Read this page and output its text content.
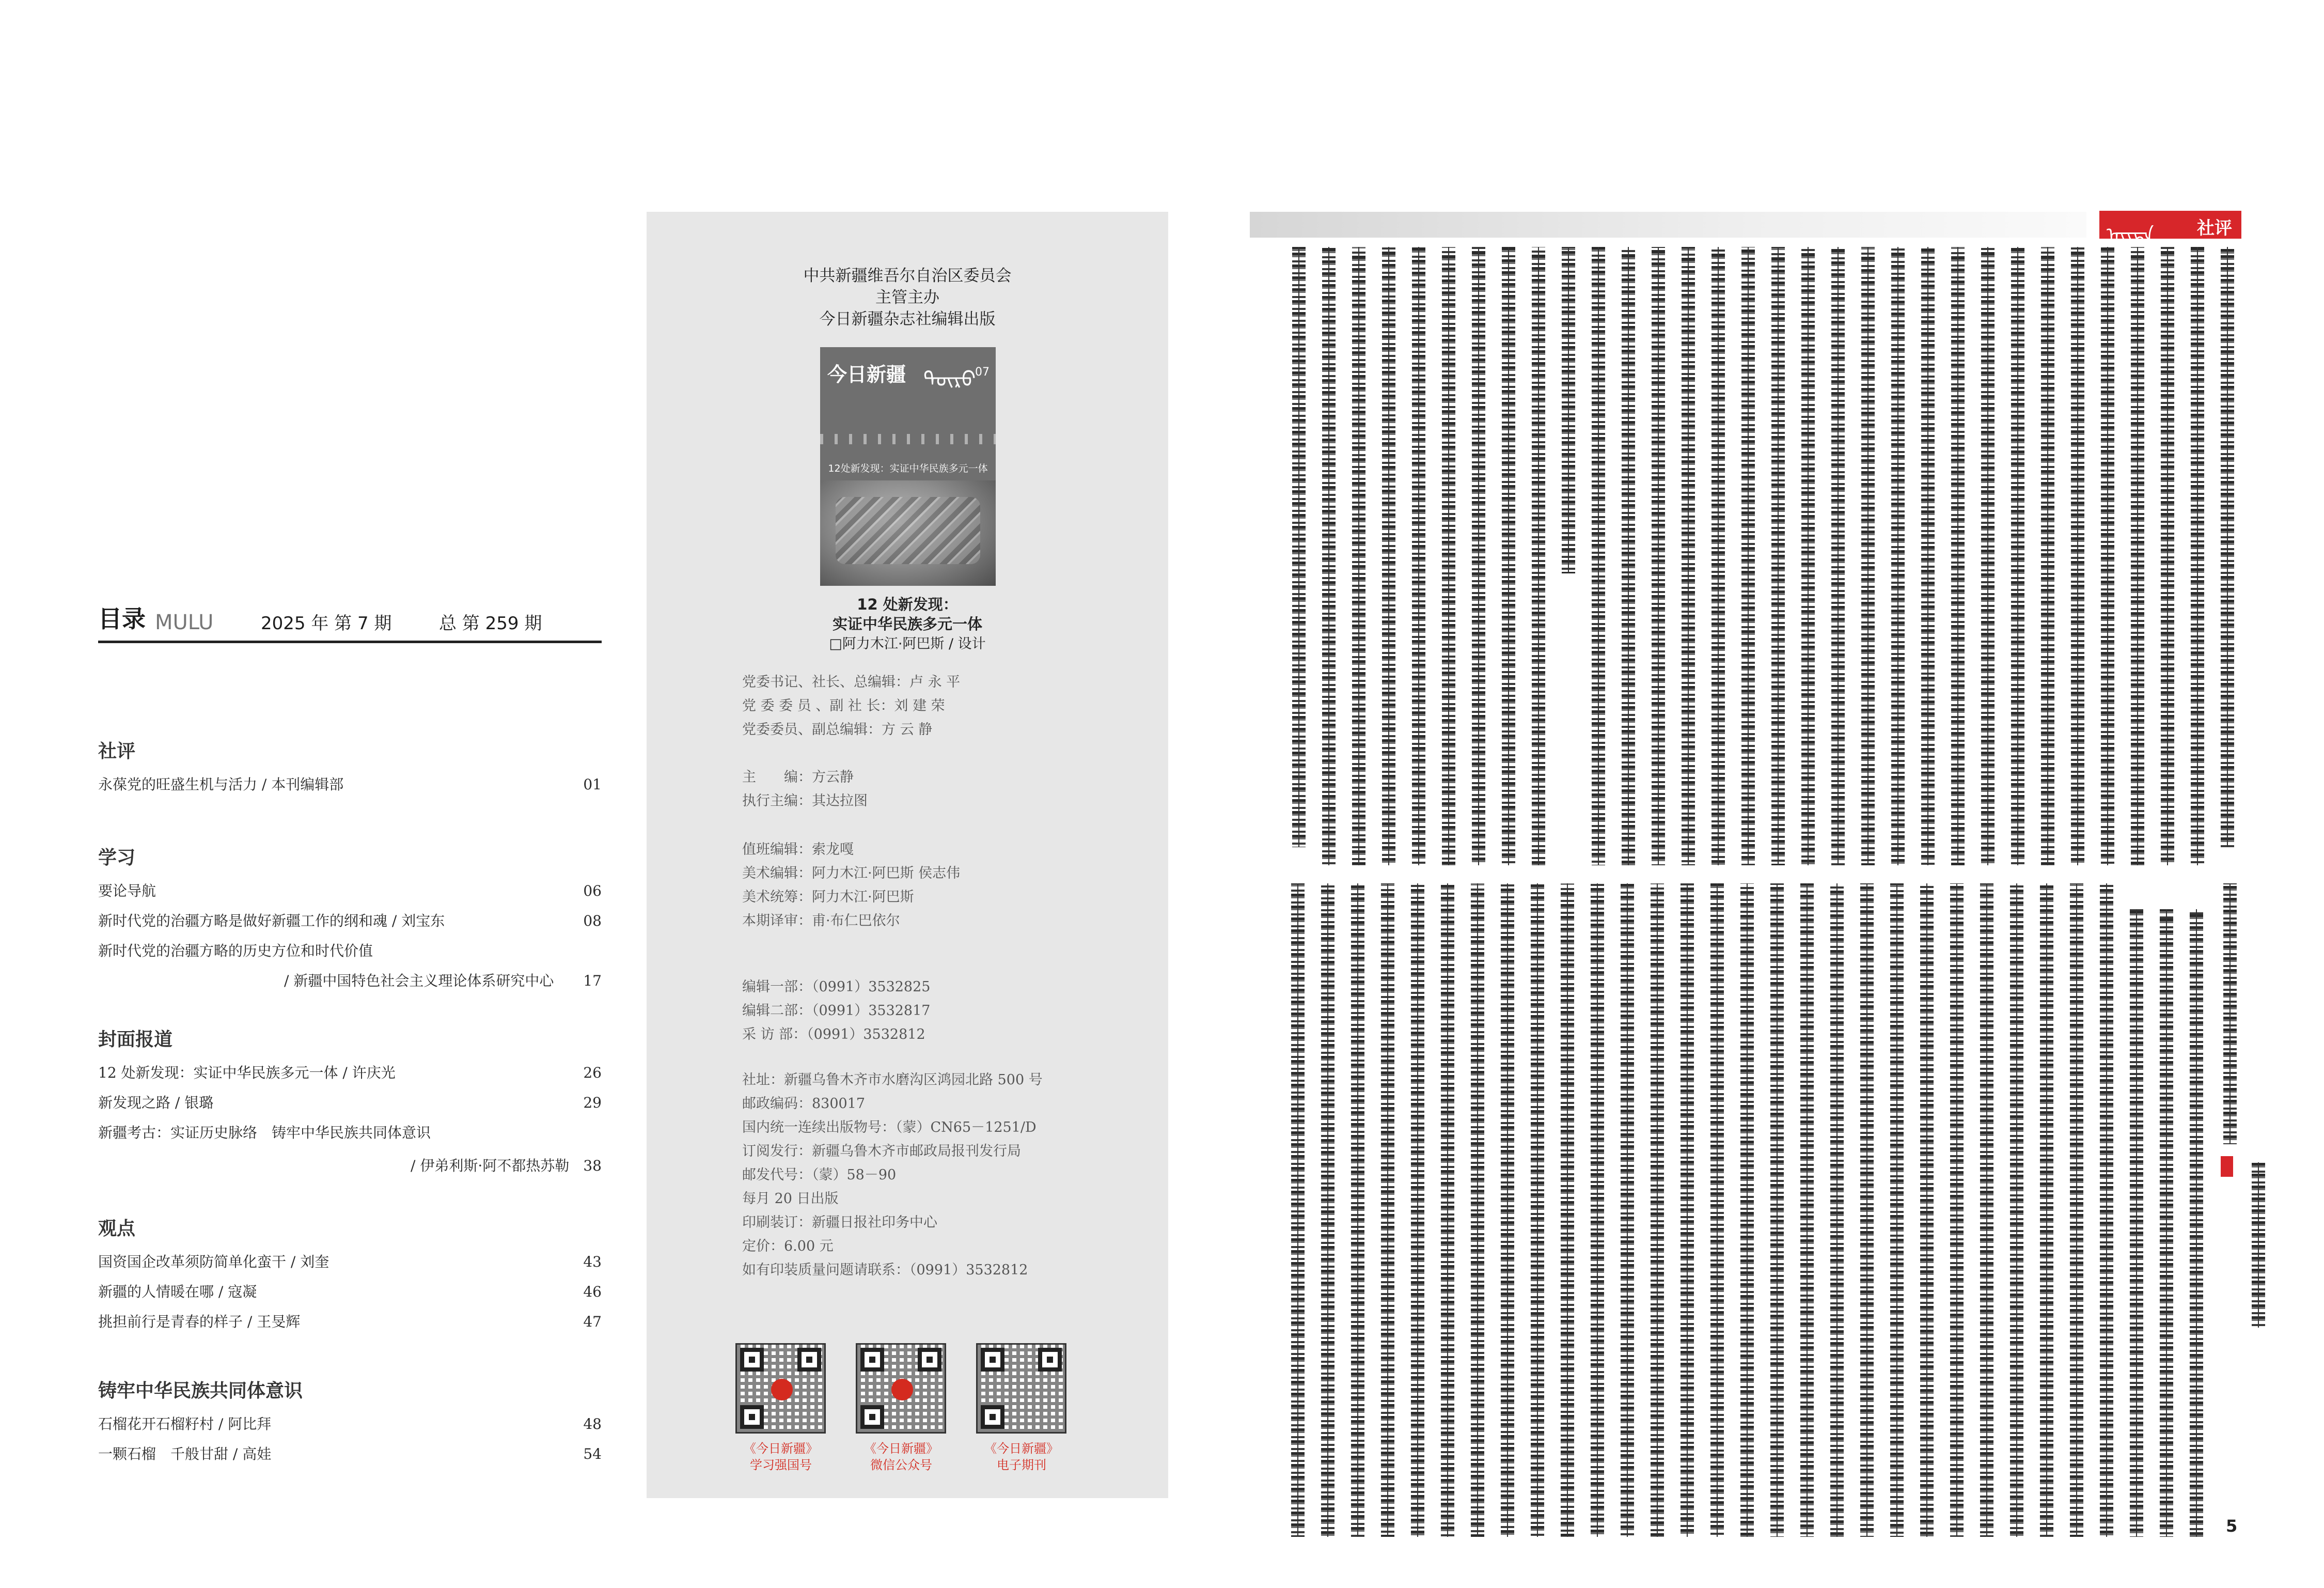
目录 MULU	2025 年 第 7 期	总 第 259 期
社评
永葆党的旺盛生机与活力 / 本刊编辑部	01
学习
要论导航	06
新时代党的治疆方略是做好新疆工作的纲和魂 / 刘宝东	08
新时代党的治疆方略的历史方位和时代价值
/ 新疆中国特色社会主义理论体系研究中心 17
封面报道
12 处新发现：实证中华民族多元一体 / 许庆光	26
新发现之路 / 银璐	29
新疆考古：实证历史脉络　铸牢中华民族共同体意识
/ 伊弟利斯·阿不都热苏勒 38
观点
国资国企改革须防简单化蛮干 / 刘奎	43
新疆的人情暖在哪 / 寇凝	46
挑担前行是青春的样子 / 王旻辉	47
铸牢中华民族共同体意识
石榴花开石榴籽村 / 阿比拜	48
一颗石榴　千般甘甜 / 高娃	54
中共新疆维吾尔自治区委员会
主管主办
今日新疆杂志社编辑出版
今日新疆 ᠲᠥᠷᠦ
07
12处新发现：实证中华民族多元一体
12 处新发现：
实证中华民族多元一体
□阿力木江·阿巴斯 / 设计
党委书记、社长、总编辑：卢 永 平
党 委 委 员 、副 社 长：刘 建 荣
党委委员、副总编辑：方 云 静
主　　编：方云静
执行主编：其达拉图
值班编辑：索龙嘎
美术编辑：阿力木江·阿巴斯 侯志伟
美术统筹：阿力木江·阿巴斯
本期译审：甫·布仁巴依尔
编辑一部：（0991）3532825
编辑二部：（0991）3532817
采 访 部：（0991）3532812
社址：新疆乌鲁木齐市水磨沟区鸿园北路 500 号
邮政编码：830017
国内统一连续出版物号：（蒙）CN65－1251/D
订阅发行：新疆乌鲁木齐市邮政局报刊发行局
邮发代号：（蒙）58－90
每月 20 日出版
印刷装订：新疆日报社印务中心
定价：6.00 元
如有印装质量问题请联系：（0991）3532812
《今日新疆》
学习强国号
《今日新疆》
微信公众号
《今日新疆》
电子期刊
ᠨᠡᠶᠢᠲᠡ 社评
5
